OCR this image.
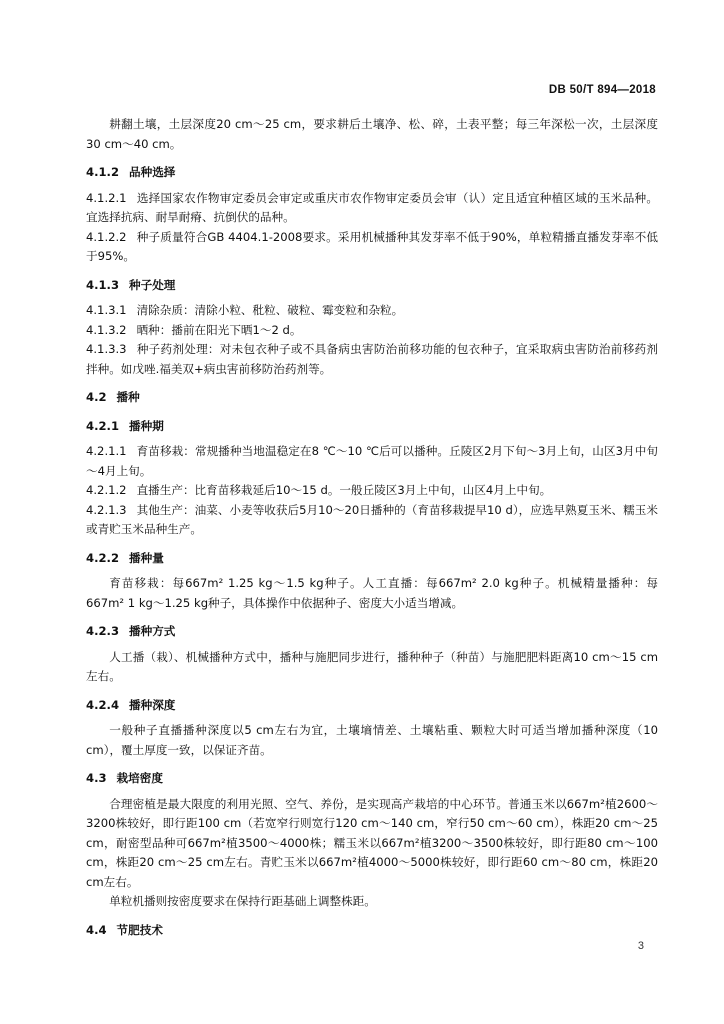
DB 50/T 894—2018
耕翻土壤，土层深度20 cm～25 cm，要求耕后土壤净、松、碎，土表平整；每三年深松一次，土层深度30 cm～40 cm。
4.1.2 品种选择
4.1.2.1 选择国家农作物审定委员会审定或重庆市农作物审定委员会审（认）定且适宜种植区域的玉米品种。宜选择抗病、耐旱耐瘠、抗倒伏的品种。
4.1.2.2 种子质量符合GB 4404.1-2008要求。采用机械播种其发芽率不低于90%，单粒精播直播发芽率不低于95%。
4.1.3 种子处理
4.1.3.1 清除杂质：清除小粒、秕粒、破粒、霉变粒和杂粒。
4.1.3.2 晒种：播前在阳光下晒1～2 d。
4.1.3.3 种子药剂处理：对未包衣种子或不具备病虫害防治前移功能的包衣种子，宜采取病虫害防治前移药剂拌种。如戊唑.福美双+病虫害前移防治药剂等。
4.2 播种
4.2.1 播种期
4.2.1.1 育苗移栽：常规播种当地温稳定在8 ℃～10 ℃后可以播种。丘陵区2月下旬～3月上旬，山区3月中旬～4月上旬。
4.2.1.2 直播生产：比育苗移栽延后10～15 d。一般丘陵区3月上中旬，山区4月上中旬。
4.2.1.3 其他生产：油菜、小麦等收获后5月10～20日播种的（育苗移栽提早10 d），应选早熟夏玉米、糯玉米或青贮玉米品种生产。
4.2.2 播种量
育苗移栽：每667m² 1.25 kg～1.5 kg种子。人工直播：每667m² 2.0 kg种子。机械精量播种：每667m² 1 kg～1.25 kg种子，具体操作中依据种子、密度大小适当增减。
4.2.3 播种方式
人工播（栽）、机械播种方式中，播种与施肥同步进行，播种种子（种苗）与施肥肥料距离10 cm～15 cm左右。
4.2.4 播种深度
一般种子直播播种深度以5 cm左右为宜，土壤墒情差、土壤粘重、颗粒大时可适当增加播种深度（10 cm），覆土厚度一致，以保证齐苗。
4.3 栽培密度
合理密植是最大限度的利用光照、空气、养份，是实现高产栽培的中心环节。普通玉米以667m²植2600～3200株较好，即行距100 cm（若宽窄行则宽行120 cm～140 cm，窄行50 cm～60 cm），株距20 cm～25 cm，耐密型品种可667m²植3500～4000株；糯玉米以667m²植3200～3500株较好，即行距80 cm～100 cm，株距20 cm～25 cm左右。青贮玉米以667m²植4000～5000株较好，即行距60 cm～80 cm，株距20 cm左右。
单粒机播则按密度要求在保持行距基础上调整株距。
4.4 节肥技术
3
